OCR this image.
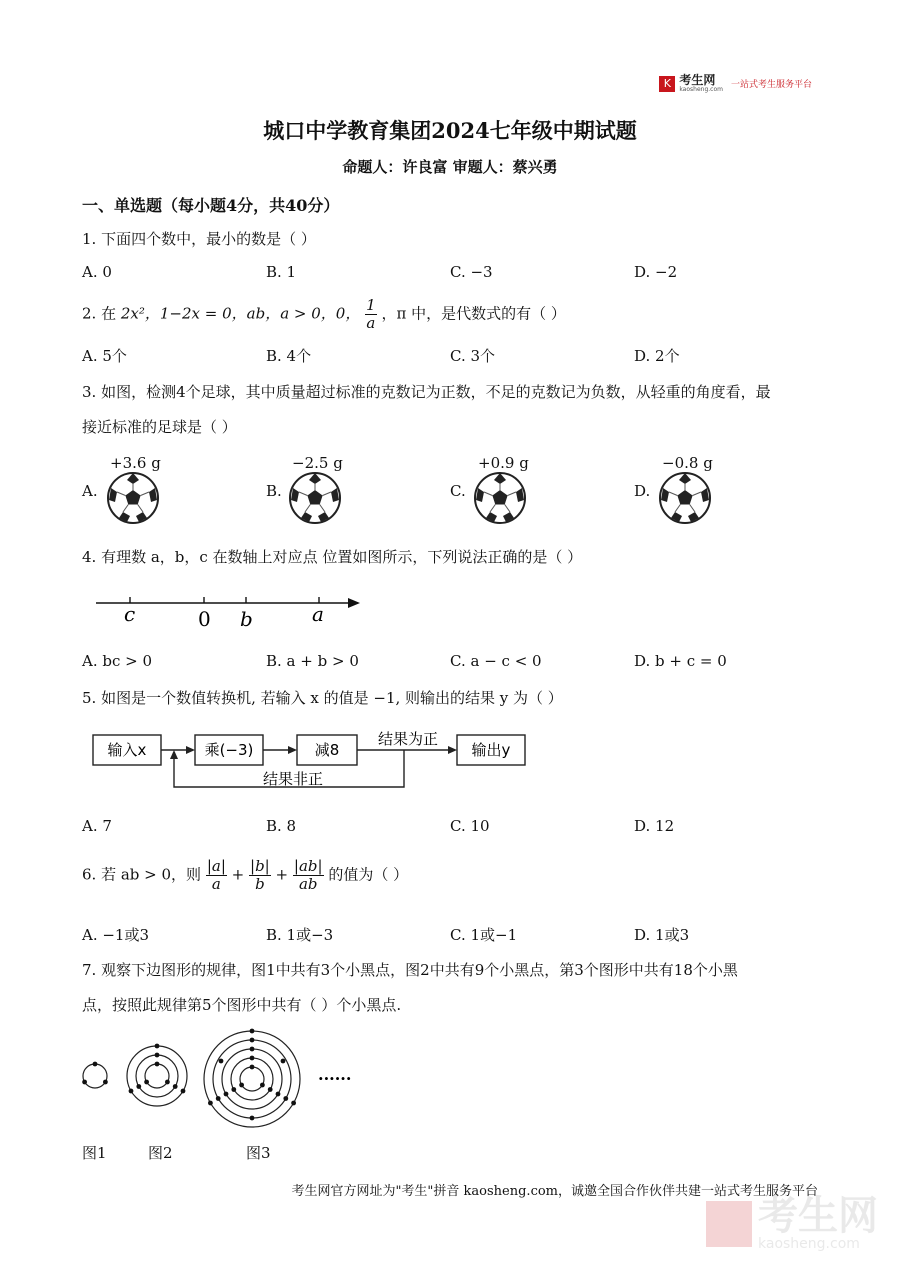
K 考生网
kaosheng.com 一站式考生服务平台
城口中学教育集团2024七年级中期试题
命题人：许良富 审题人：蔡兴勇
一、单选题（每小题4分，共40分）
1. 下面四个数中，最小的数是（ ）
A. 0	B. 1	C. −3	D. −2
2. 在 2x²，1−2x = 0，ab，a > 0，0， $\frac{1}{a}$ ，π 中，是代数式的有（ ）
A. 5个	B. 4个	C. 3个	D. 2个
3. 如图，检测4个足球，其中质量超过标准的克数记为正数，不足的克数记为负数，从轻重的角度看，最
接近标准的足球是（ ）
+3.6 g	−2.5 g	+0.9 g	−0.8 g
A.	B.	C.	D.
4. 有理数 a，b，c 在数轴上对应点 位置如图所示，下列说法正确的是（ ）
c	0 b	a
A. bc > 0	B. a + b > 0	C. a − c < 0	D. b + c = 0
5. 如图是一个数值转换机, 若输入 x 的值是 −1, 则输出的结果 y 为（ ）
输入x	乘(−3)	减8	输出y
结果为正
结果非正
A. 7	B. 8	C. 10	D. 12
6. 若 ab > 0，则 $\frac{|a|}{a} + \frac{|b|}{b} + \frac{|ab|}{ab}$ 的值为（ ）
A. −1或3	B. 1或−3	C. 1或−1	D. 1或3
7. 观察下边图形的规律，图1中共有3个小黑点，图2中共有9个小黑点，第3个图形中共有18个小黑
点，按照此规律第5个图形中共有（ ）个小黑点.
......
图1	图2	图3
考生网官方网址为"考生"拼音 kaosheng.com，诚邀全国合作伙伴共建一站式考生服务平台
考生网
kaosheng.com
